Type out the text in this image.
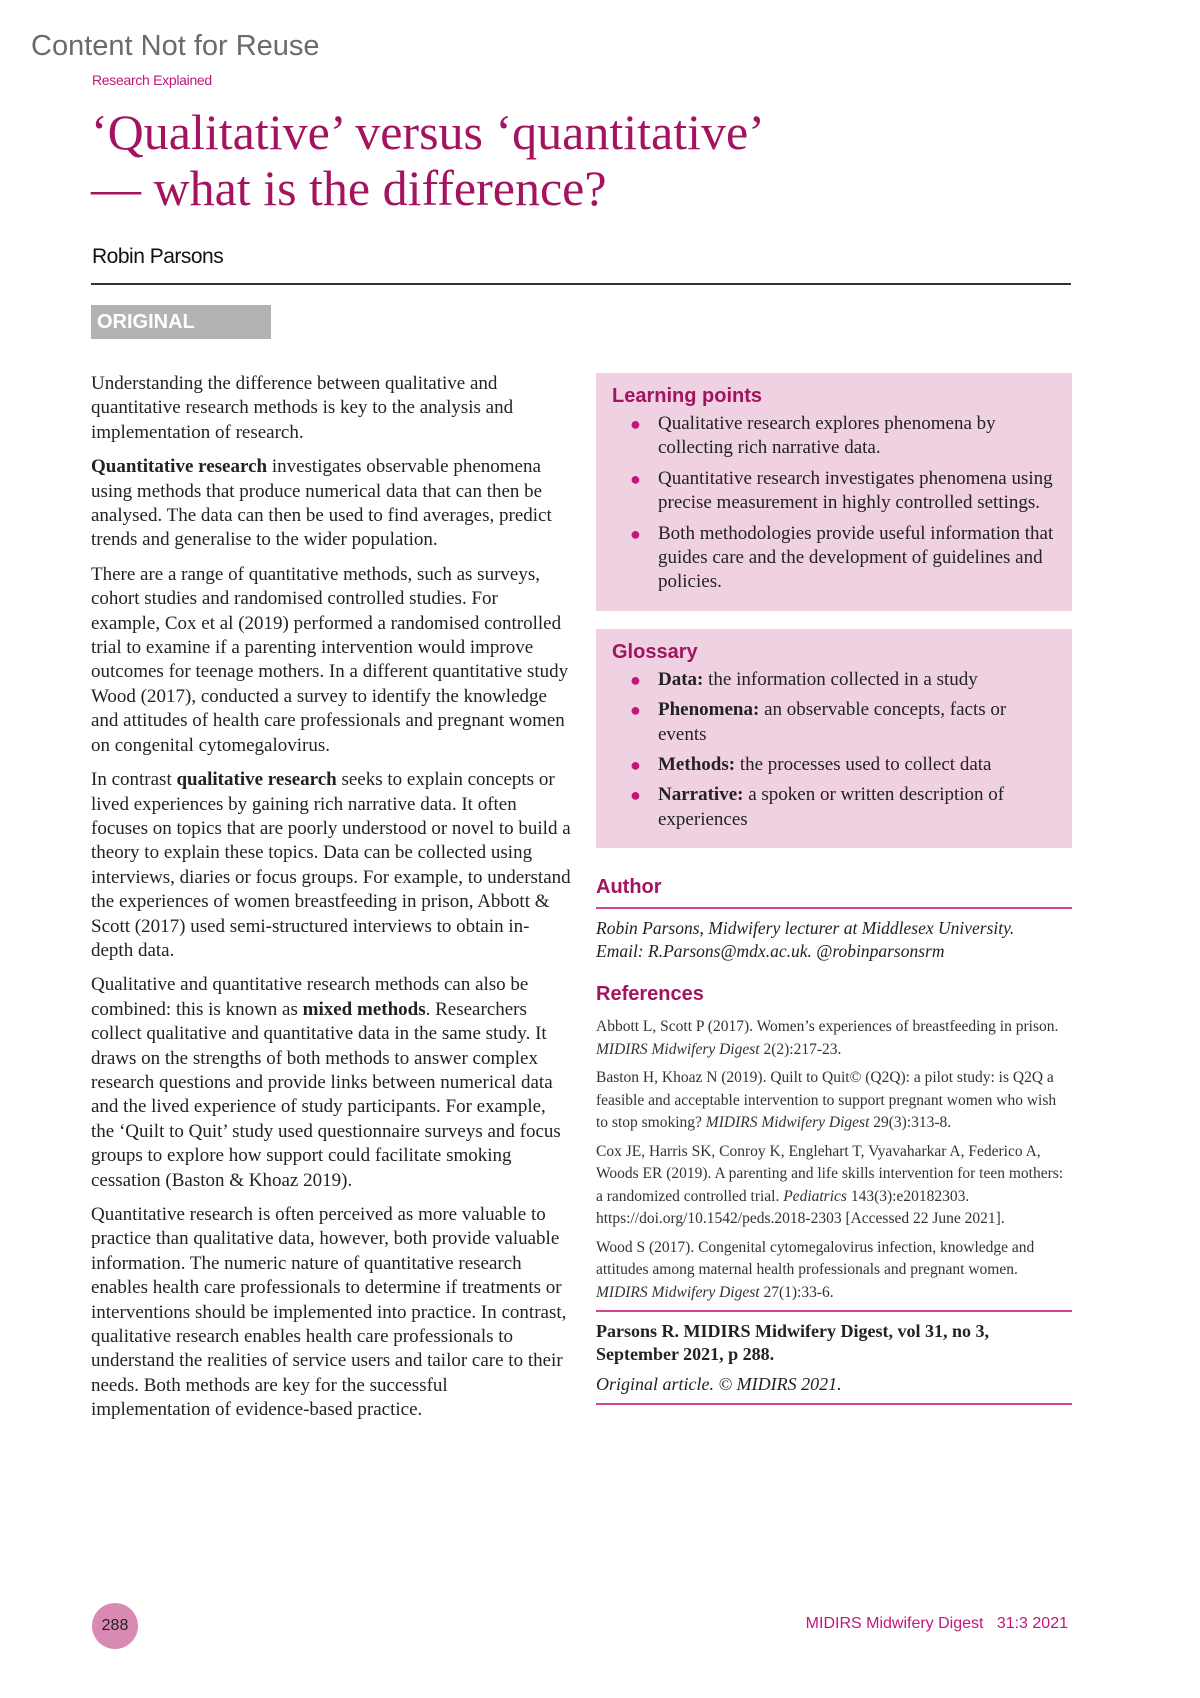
Content Not for Reuse
Research Explained
‘Qualitative’ versus ‘quantitative’
— what is the difference?
Robin Parsons
ORIGINAL

Understanding the difference between qualitative and quantitative research methods is key to the analysis and implementation of research.

Quantitative research investigates observable phenomena using methods that produce numerical data that can then be analysed. The data can then be used to find averages, predict trends and generalise to the wider population.

There are a range of quantitative methods, such as surveys, cohort studies and randomised controlled studies. For example, Cox et al (2019) performed a randomised controlled trial to examine if a parenting intervention would improve outcomes for teenage mothers. In a different quantitative study Wood (2017), conducted a survey to identify the knowledge and attitudes of health care professionals and pregnant women on congenital cytomegalovirus.

In contrast qualitative research seeks to explain concepts or lived experiences by gaining rich narrative data. It often focuses on topics that are poorly understood or novel to build a theory to explain these topics. Data can be collected using interviews, diaries or focus groups. For example, to understand the experiences of women breastfeeding in prison, Abbott & Scott (2017) used semi-structured interviews to obtain in-depth data.

Qualitative and quantitative research methods can also be combined: this is known as mixed methods. Researchers collect qualitative and quantitative data in the same study. It draws on the strengths of both methods to answer complex research questions and provide links between numerical data and the lived experience of study participants. For example, the ‘Quilt to Quit’ study used questionnaire surveys and focus groups to explore how support could facilitate smoking cessation (Baston & Khoaz 2019).

Quantitative research is often perceived as more valuable to practice than qualitative data, however, both provide valuable information. The numeric nature of quantitative research enables health care professionals to determine if treatments or interventions should be implemented into practice. In contrast, qualitative research enables health care professionals to understand the realities of service users and tailor care to their needs. Both methods are key for the successful implementation of evidence-based practice.

Learning points
● Qualitative research explores phenomena by collecting rich narrative data.
● Quantitative research investigates phenomena using precise measurement in highly controlled settings.
● Both methodologies provide useful information that guides care and the development of guidelines and policies.
Glossary
● Data: the information collected in a study
● Phenomena: an observable concepts, facts or events
● Methods: the processes used to collect data
● Narrative: a spoken or written description of experiences
Author
Robin Parsons, Midwifery lecturer at Middlesex University.
Email: R.Parsons@mdx.ac.uk. @robinparsonsrm
References

Abbott L, Scott P (2017). Women’s experiences of breastfeeding in prison. MIDIRS Midwifery Digest 2(2):217-23.

Baston H, Khoaz N (2019). Quilt to Quit© (Q2Q): a pilot study: is Q2Q a feasible and acceptable intervention to support pregnant women who wish to stop smoking? MIDIRS Midwifery Digest 29(3):313-8.

Cox JE, Harris SK, Conroy K, Englehart T, Vyavaharkar A, Federico A, Woods ER (2019). A parenting and life skills intervention for teen mothers: a randomized controlled trial. Pediatrics 143(3):e20182303. https://doi.org/10.1542/peds.2018-2303 [Accessed 22 June 2021].

Wood S (2017). Congenital cytomegalovirus infection, knowledge and attitudes among maternal health professionals and pregnant women. MIDIRS Midwifery Digest 27(1):33-6.

Parsons R. MIDIRS Midwifery Digest, vol 31, no 3, September 2021, p 288.
Original article. © MIDIRS 2021.
288	MIDIRS Midwifery Digest   31:3 2021
